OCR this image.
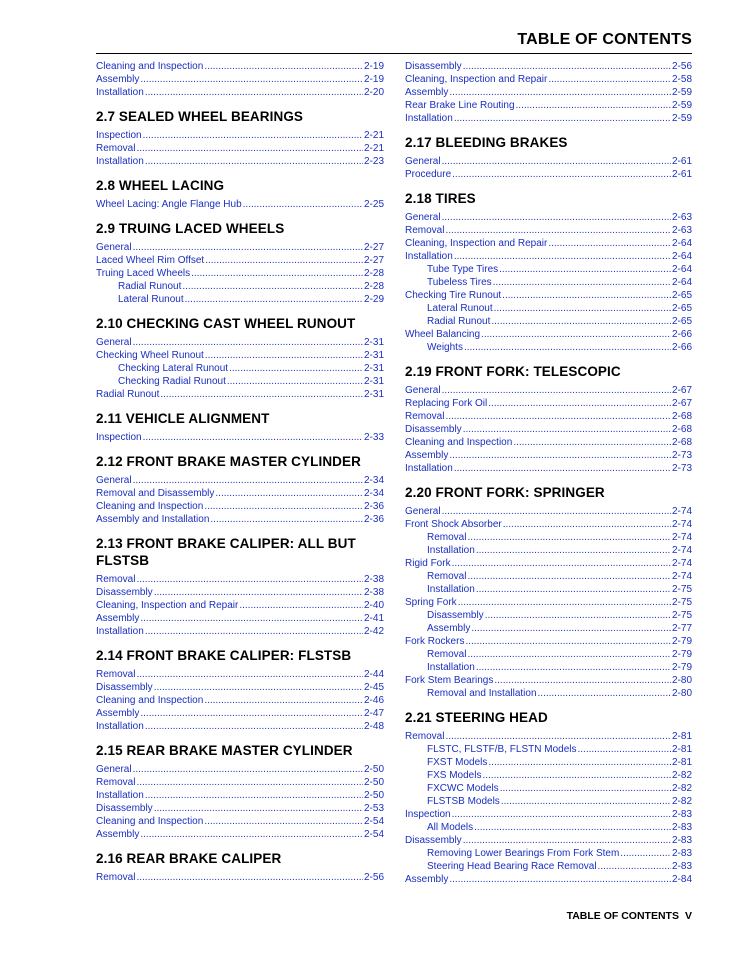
TABLE OF CONTENTS
Cleaning and Inspection .....	2-19
Assembly .....	2-19
Installation .....	2-20
2.7 SEALED WHEEL BEARINGS
Inspection .....	2-21
Removal .....	2-21
Installation .....	2-23
2.8 WHEEL LACING
Wheel Lacing: Angle Flange Hub .....	2-25
2.9 TRUING LACED WHEELS
General .....	2-27
Laced Wheel Rim Offset .....	2-27
Truing Laced Wheels .....	2-28
Radial Runout .....	2-28
Lateral Runout .....	2-29
2.10 CHECKING CAST WHEEL RUNOUT
General .....	2-31
Checking Wheel Runout .....	2-31
Checking Lateral Runout .....	2-31
Checking Radial Runout .....	2-31
Radial Runout .....	2-31
2.11 VEHICLE ALIGNMENT
Inspection .....	2-33
2.12 FRONT BRAKE MASTER CYLINDER
General .....	2-34
Removal and Disassembly .....	2-34
Cleaning and Inspection .....	2-36
Assembly and Installation .....	2-36
2.13 FRONT BRAKE CALIPER: ALL BUT FLSTSB
Removal .....	2-38
Disassembly .....	2-38
Cleaning, Inspection and Repair .....	2-40
Assembly .....	2-41
Installation .....	2-42
2.14 FRONT BRAKE CALIPER: FLSTSB
Removal .....	2-44
Disassembly .....	2-45
Cleaning and Inspection .....	2-46
Assembly .....	2-47
Installation .....	2-48
2.15 REAR BRAKE MASTER CYLINDER
General .....	2-50
Removal .....	2-50
Installation .....	2-50
Disassembly .....	2-53
Cleaning and Inspection .....	2-54
Assembly .....	2-54
2.16 REAR BRAKE CALIPER
Removal .....	2-56
Disassembly .....	2-56
Cleaning, Inspection and Repair .....	2-58
Assembly .....	2-59
Rear Brake Line Routing .....	2-59
Installation .....	2-59
2.17 BLEEDING BRAKES
General .....	2-61
Procedure .....	2-61
2.18 TIRES
General .....	2-63
Removal .....	2-63
Cleaning, Inspection and Repair .....	2-64
Installation .....	2-64
Tube Type Tires .....	2-64
Tubeless Tires .....	2-64
Checking Tire Runout .....	2-65
Lateral Runout .....	2-65
Radial Runout .....	2-65
Wheel Balancing .....	2-66
Weights .....	2-66
2.19 FRONT FORK: TELESCOPIC
General .....	2-67
Replacing Fork Oil .....	2-67
Removal .....	2-68
Disassembly .....	2-68
Cleaning and Inspection .....	2-68
Assembly .....	2-73
Installation .....	2-73
2.20 FRONT FORK: SPRINGER
General .....	2-74
Front Shock Absorber .....	2-74
Removal .....	2-74
Installation .....	2-74
Rigid Fork .....	2-74
Removal .....	2-74
Installation .....	2-75
Spring Fork .....	2-75
Disassembly .....	2-75
Assembly .....	2-77
Fork Rockers .....	2-79
Removal .....	2-79
Installation .....	2-79
Fork Stem Bearings .....	2-80
Removal and Installation .....	2-80
2.21 STEERING HEAD
Removal .....	2-81
FLSTC, FLSTF/B, FLSTN Models .....	2-81
FXST Models .....	2-81
FXS Models .....	2-82
FXCWC Models .....	2-82
FLSTSB Models .....	2-82
Inspection .....	2-83
All Models .....	2-83
Disassembly .....	2-83
Removing Lower Bearings From Fork Stem .....	2-83
Steering Head Bearing Race Removal .....	2-83
Assembly .....	2-84
TABLE OF CONTENTS V
